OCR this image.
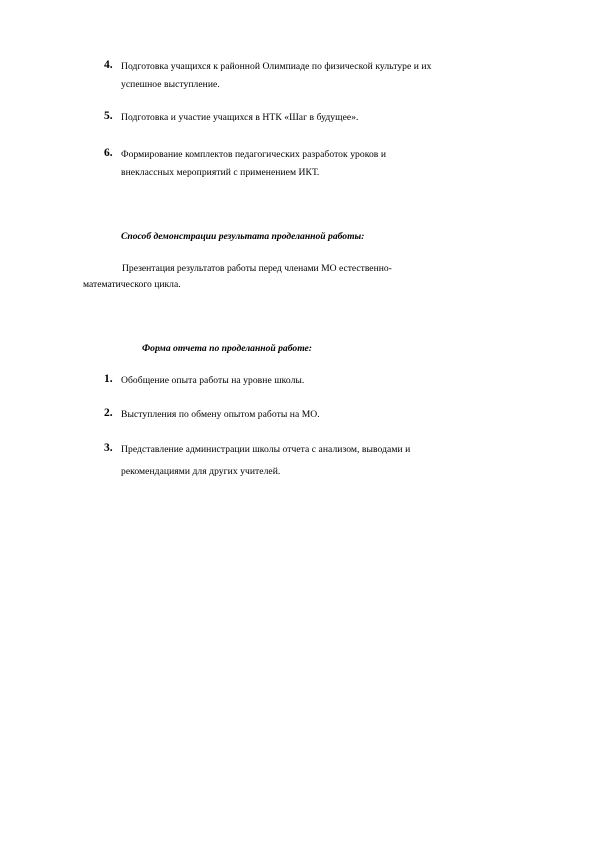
4. Подготовка учащихся к районной Олимпиаде по физической культуре и их
успешное выступление.
5. Подготовка и участие учащихся в НТК «Шаг в будущее».
6. Формирование комплектов педагогических разработок уроков и
внеклассных мероприятий с применением ИКТ.
Способ демонстрации результата проделанной работы:
Презентация результатов работы перед членами МО естественно-
математического цикла.
Форма отчета по проделанной работе:
1. Обобщение опыта работы на уровне школы.
2. Выступления по обмену опытом работы на МО.
3. Представление администрации школы отчета с анализом, выводами и
рекомендациями для других учителей.
